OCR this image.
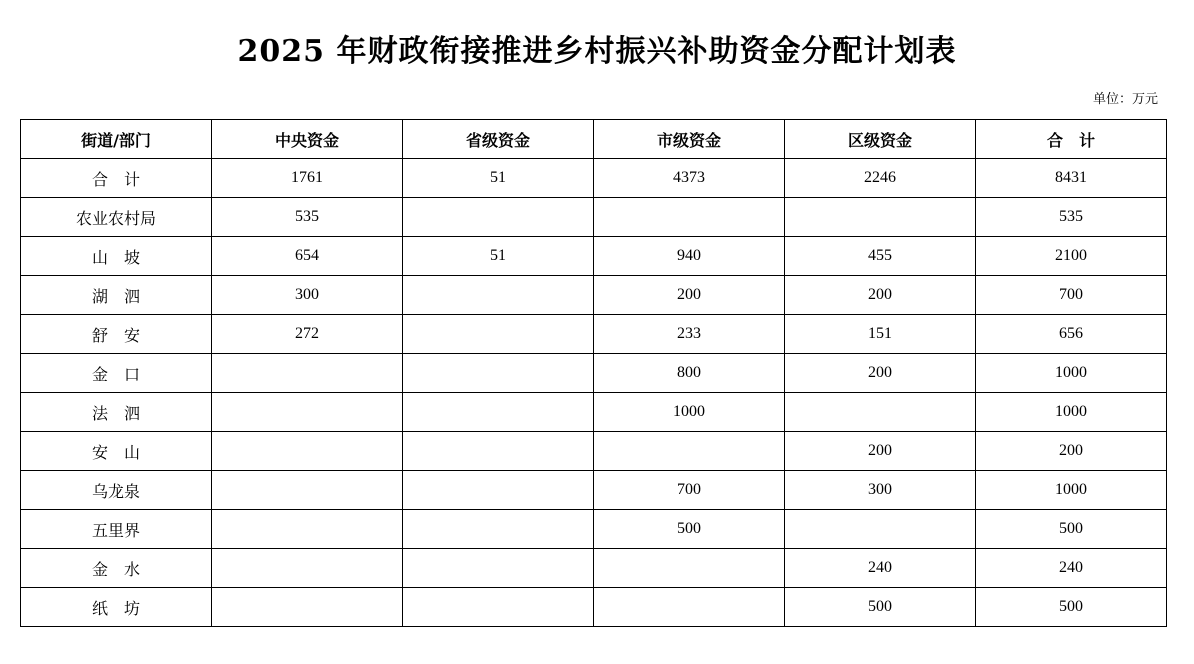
2025 年财政衔接推进乡村振兴补助资金分配计划表
单位：万元
街道/部门	中央资金	省级资金	市级资金	区级资金	合　计
合　计	1761	51	4373	2246	8431
农业农村局	535				535
山　坡	654	51	940	455	2100
湖　泗	300		200	200	700
舒　安	272		233	151	656
金　口			800	200	1000
法　泗			1000		1000
安　山				200	200
乌龙泉			700	300	1000
五里界			500		500
金　水				240	240
纸　坊				500	500
